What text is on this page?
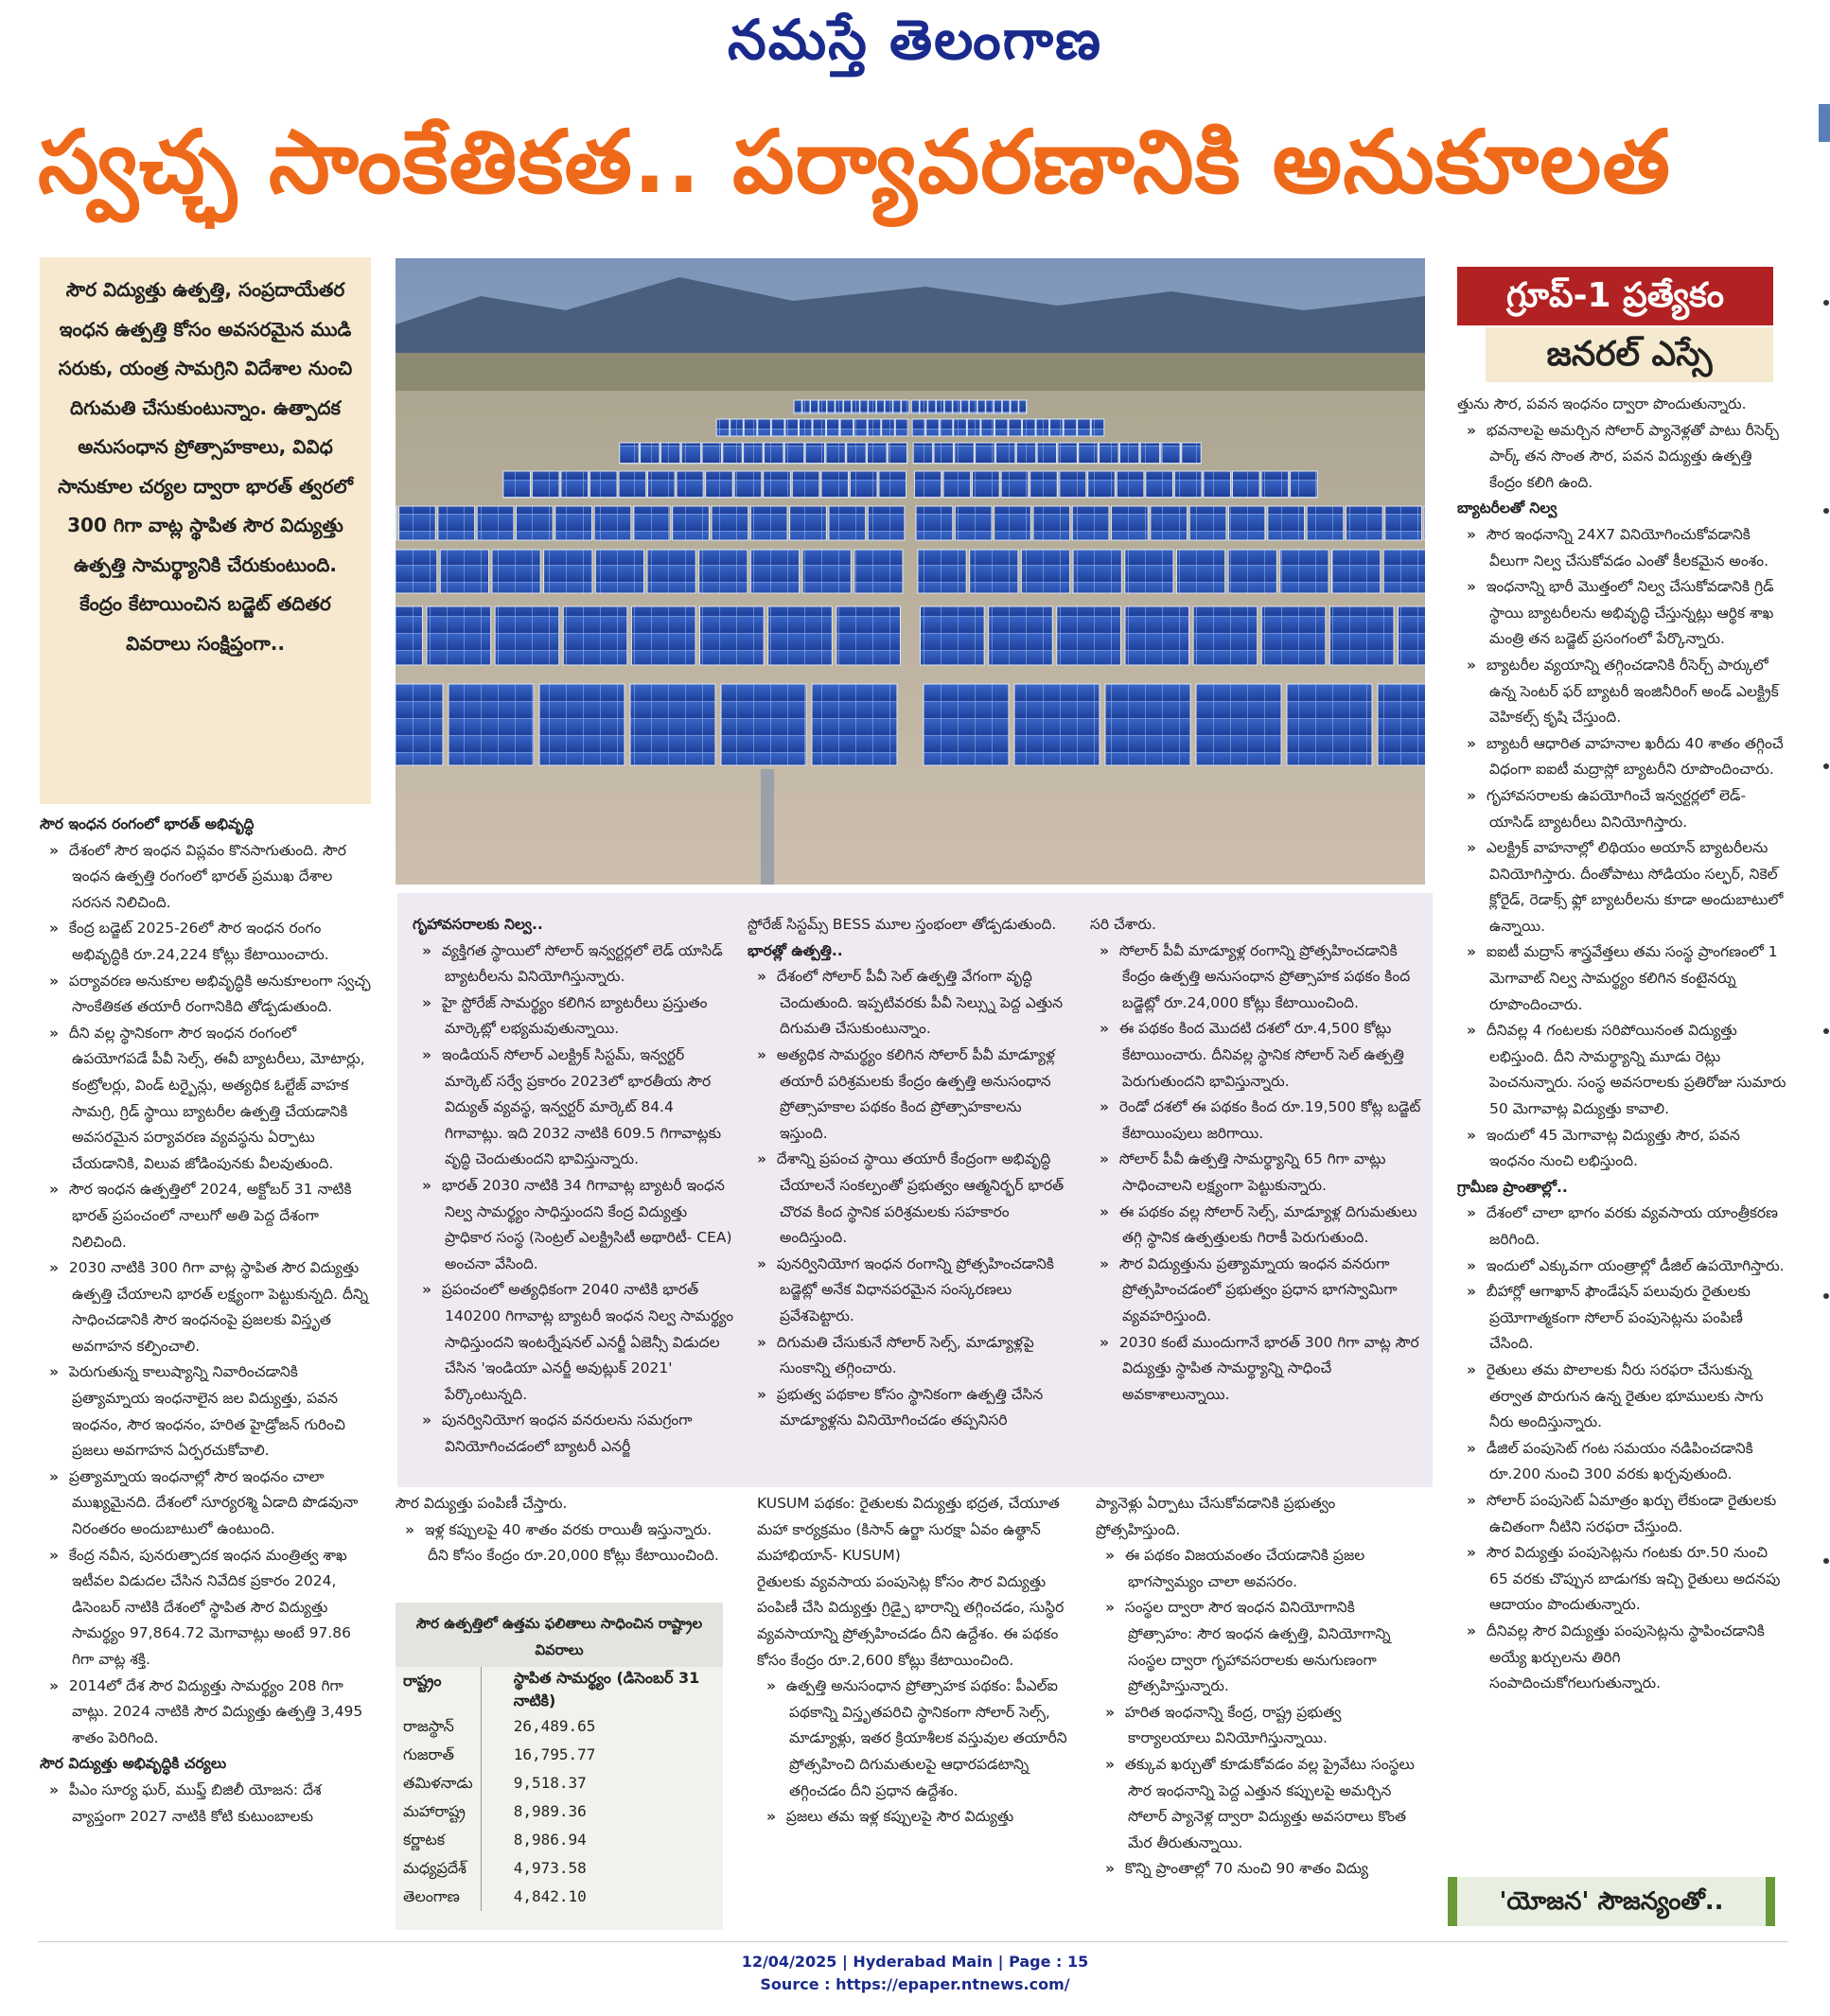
నమస్తే తెలంగాణ
స్వచ్ఛ సాంకేతికత.. పర్యావరణానికి అనుకూలత
సౌర విద్యుత్తు ఉత్పత్తి, సంప్రదాయేతర ఇంధన ఉత్పత్తి కోసం అవసరమైన ముడి సరుకు, యంత్ర సామగ్రిని విదేశాల నుంచి దిగుమతి చేసుకుంటున్నాం. ఉత్పాదక అనుసంధాన ప్రోత్సాహకాలు, వివిధ సానుకూల చర్యల ద్వారా భారత్ త్వరలో 300 గిగా వాట్ల స్థాపిత సౌర విద్యుత్తు ఉత్పత్తి సామర్థ్యానికి చేరుకుంటుంది. కేంద్రం కేటాయించిన బడ్జెట్ తదితర వివరాలు సంక్షిప్తంగా..

సౌర ఇంధన రంగంలో భారత్ అభివృద్ధి

»  దేశంలో సౌర ఇంధన విప్లవం కొనసాగుతుంది. సౌర ఇంధన ఉత్పత్తి రంగంలో భారత్ ప్రముఖ దేశాల సరసన నిలిచింది.

»  కేంద్ర బడ్జెట్ 2025-26లో సౌర ఇంధన రంగం అభివృద్ధికి రూ.24,224 కోట్లు కేటాయించారు.

»  పర్యావరణ అనుకూల అభివృద్ధికి అనుకూలంగా స్వచ్ఛ సాంకేతికత తయారీ రంగానికిది తోడ్పడుతుంది.

»  దీని వల్ల స్థానికంగా సౌర ఇంధన రంగంలో ఉపయోగపడే పీవీ సెల్స్, ఈవీ బ్యాటరీలు, మోటార్లు, కంట్రోలర్లు, విండ్ టర్బైన్లు, అత్యధిక ఓల్టేజ్ వాహక సామగ్రి, గ్రిడ్ స్థాయి బ్యాటరీల ఉత్పత్తి చేయడానికి అవసరమైన పర్యావరణ వ్యవస్థను ఏర్పాటు చేయడానికి, విలువ జోడింపునకు వీలవుతుంది.

»  సౌర ఇంధన ఉత్పత్తిలో 2024, అక్టోబర్ 31 నాటికి భారత్ ప్రపంచంలో నాలుగో అతి పెద్ద దేశంగా నిలిచింది.

»  2030 నాటికి 300 గిగా వాట్ల స్థాపిత సౌర విద్యుత్తు ఉత్పత్తి చేయాలని భారత్ లక్ష్యంగా పెట్టుకున్నది. దీన్ని సాధించడానికి సౌర ఇంధనంపై ప్రజలకు విస్తృత అవగాహన కల్పించాలి.

»  పెరుగుతున్న కాలుష్యాన్ని నివారించడానికి ప్రత్యామ్నాయ ఇంధనాలైన జల విద్యుత్తు, పవన ఇంధనం, సౌర ఇంధనం, హరిత హైడ్రోజన్ గురించి ప్రజలు అవగాహన ఏర్పరచుకోవాలి.

»  ప్రత్యామ్నాయ ఇంధనాల్లో సౌర ఇంధనం చాలా ముఖ్యమైనది. దేశంలో సూర్యరశ్మి ఏడాది పొడవునా నిరంతరం అందుబాటులో ఉంటుంది.

»  కేంద్ర నవీన, పునరుత్పాదక ఇంధన మంత్రిత్వ శాఖ ఇటీవల విడుదల చేసిన నివేదిక ప్రకారం 2024, డిసెంబర్ నాటికి దేశంలో స్థాపిత సౌర విద్యుత్తు సామర్థ్యం 97,864.72 మెగావాట్లు అంటే 97.86 గిగా వాట్ల శక్తి.

»  2014లో దేశ సౌర విద్యుత్తు సామర్థ్యం 208 గిగా వాట్లు. 2024 నాటికి సౌర విద్యుత్తు ఉత్పత్తి 3,495 శాతం పెరిగింది.

సౌర విద్యుత్తు అభివృద్ధికి చర్యలు

»  పీఎం సూర్య ఘర్, ముఫ్త్ బిజిలీ యోజన: దేశ వ్యాప్తంగా 2027 నాటికి కోటి కుటుంబాలకు

గృహావసరాలకు నిల్వ..

»  వ్యక్తిగత స్థాయిలో సోలార్ ఇన్వర్టర్లలో లెడ్ యాసిడ్ బ్యాటరీలను వినియోగిస్తున్నారు.

»  హై స్టోరేజ్ సామర్థ్యం కలిగిన బ్యాటరీలు ప్రస్తుతం మార్కెట్లో లభ్యమవుతున్నాయి.

»  ఇండియన్ సోలార్ ఎలక్ట్రిక్ సిస్టమ్, ఇన్వర్టర్ మార్కెట్ సర్వే ప్రకారం 2023లో భారతీయ సౌర విద్యుత్ వ్యవస్థ, ఇన్వర్టర్ మార్కెట్ 84.4 గిగావాట్లు. ఇది 2032 నాటికి 609.5 గిగావాట్లకు వృద్ధి చెందుతుందని భావిస్తున్నారు.

»  భారత్ 2030 నాటికి 34 గిగావాట్ల బ్యాటరీ ఇంధన నిల్వ సామర్థ్యం సాధిస్తుందని కేంద్ర విద్యుత్తు ప్రాధికార సంస్థ (సెంట్రల్ ఎలక్ట్రిసిటీ అథారిటీ- CEA) అంచనా వేసింది.

»  ప్రపంచంలో అత్యధికంగా 2040 నాటికి భారత్ 140200 గిగావాట్ల బ్యాటరీ ఇంధన నిల్వ సామర్థ్యం సాధిస్తుందని ఇంటర్నేషనల్ ఎనర్జీ ఏజెన్సీ విడుదల చేసిన 'ఇండియా ఎనర్జీ అవుట్లుక్ 2021' పేర్కొంటున్నది.

»  పునర్వినియోగ ఇంధన వనరులను సమగ్రంగా వినియోగించడంలో బ్యాటరీ ఎనర్జీ

స్టోరేజ్ సిస్టమ్స్ BESS మూల స్తంభంలా తోడ్పడుతుంది.

భారత్లో ఉత్పత్తి..

»  దేశంలో సోలార్ పీవీ సెల్ ఉత్పత్తి వేగంగా వృద్ధి చెందుతుంది. ఇప్పటివరకు పీవీ సెల్స్ను పెద్ద ఎత్తున దిగుమతి చేసుకుంటున్నాం.

»  అత్యధిక సామర్థ్యం కలిగిన సోలార్ పీవీ మాడ్యూళ్ల తయారీ పరిశ్రమలకు కేంద్రం ఉత్పత్తి అనుసంధాన ప్రోత్సాహకాల పథకం కింద ప్రోత్సాహకాలను ఇస్తుంది.

»  దేశాన్ని ప్రపంచ స్థాయి తయారీ కేంద్రంగా అభివృద్ధి చేయాలనే సంకల్పంతో ప్రభుత్వం ఆత్మనిర్భర్ భారత్ చొరవ కింద స్థానిక పరిశ్రమలకు సహకారం అందిస్తుంది.

»  పునర్వినియోగ ఇంధన రంగాన్ని ప్రోత్సహించడానికి బడ్జెట్లో అనేక విధానపరమైన సంస్కరణలు ప్రవేశపెట్టారు.

»  దిగుమతి చేసుకునే సోలార్ సెల్స్, మాడ్యూళ్లపై సుంకాన్ని తగ్గించారు.

»  ప్రభుత్వ పథకాల కోసం స్థానికంగా ఉత్పత్తి చేసిన మాడ్యూళ్లను వినియోగించడం తప్పనిసరి

సరి చేశారు.

»  సోలార్ పీవీ మాడ్యూళ్ల రంగాన్ని ప్రోత్సహించడానికి కేంద్రం ఉత్పత్తి అనుసంధాన ప్రోత్సాహక పథకం కింద బడ్జెట్లో రూ.24,000 కోట్లు కేటాయించింది.

»  ఈ పథకం కింద మొదటి దశలో రూ.4,500 కోట్లు కేటాయించారు. దీనివల్ల స్థానిక సోలార్ సెల్ ఉత్పత్తి పెరుగుతుందని భావిస్తున్నారు.

»  రెండో దశలో ఈ పథకం కింద రూ.19,500 కోట్ల బడ్జెట్ కేటాయింపులు జరిగాయి.

»  సోలార్ పీవీ ఉత్పత్తి సామర్థ్యాన్ని 65 గిగా వాట్లు సాధించాలని లక్ష్యంగా పెట్టుకున్నారు.

»  ఈ పథకం వల్ల సోలార్ సెల్స్, మాడ్యూళ్ల దిగుమతులు తగ్గి స్థానిక ఉత్పత్తులకు గిరాకీ పెరుగుతుంది.

»  సౌర విద్యుత్తును ప్రత్యామ్నాయ ఇంధన వనరుగా ప్రోత్సహించడంలో ప్రభుత్వం ప్రధాన భాగస్వామిగా వ్యవహరిస్తుంది.

»  2030 కంటే ముందుగానే భారత్ 300 గిగా వాట్ల సౌర విద్యుత్తు స్థాపిత సామర్థ్యాన్ని సాధించే అవకాశాలున్నాయి.

సౌర విద్యుత్తు పంపిణీ చేస్తారు.

»  ఇళ్ల కప్పులపై 40 శాతం వరకు రాయితీ ఇస్తున్నారు. దీని కోసం కేంద్రం రూ.20,000 కోట్లు కేటాయించింది.

సౌర ఉత్పత్తిలో ఉత్తమ ఫలితాలు సాధించిన రాష్ట్రాల వివరాలు
రాష్ట్రం	స్థాపిత సామర్థ్యం (డిసెంబర్ 31 నాటికి)
రాజస్థాన్	26,489.65
గుజరాత్	16,795.77
తమిళనాడు	9,518.37
మహారాష్ట్ర	8,989.36
కర్ణాటక	8,986.94
మధ్యప్రదేశ్	4,973.58
తెలంగాణ	4,842.10

KUSUM పథకం: రైతులకు విద్యుత్తు భద్రత, చేయూత మహా కార్యక్రమం (కిసాన్ ఉర్జా సురక్షా ఏవం ఉత్థాన్ మహాభియాన్- KUSUM)

రైతులకు వ్యవసాయ పంపుసెట్ల కోసం సౌర విద్యుత్తు పంపిణీ చేసి విద్యుత్తు గ్రిడ్పై భారాన్ని తగ్గించడం, సుస్థిర వ్యవసాయాన్ని ప్రోత్సహించడం దీని ఉద్దేశం. ఈ పథకం కోసం కేంద్రం రూ.2,600 కోట్లు కేటాయించింది.

»  ఉత్పత్తి అనుసంధాన ప్రోత్సాహక పథకం: పీఎల్ఐ పథకాన్ని విస్తృతపరిచి స్థానికంగా సోలార్ సెల్స్, మాడ్యూళ్లు, ఇతర క్రియాశీలక వస్తువుల తయారీని ప్రోత్సహించి దిగుమతులపై ఆధారపడటాన్ని తగ్గించడం దీని ప్రధాన ఉద్దేశం.

»  ప్రజలు తమ ఇళ్ల కప్పులపై సౌర విద్యుత్తు

ప్యానెళ్లు ఏర్పాటు చేసుకోవడానికి ప్రభుత్వం ప్రోత్సహిస్తుంది.

»  ఈ పథకం విజయవంతం చేయడానికి ప్రజల భాగస్వామ్యం చాలా అవసరం.

»  సంస్థల ద్వారా సౌర ఇంధన వినియోగానికి ప్రోత్సాహం: సౌర ఇంధన ఉత్పత్తి, వినియోగాన్ని సంస్థల ద్వారా గృహావసరాలకు అనుగుణంగా ప్రోత్సహిస్తున్నారు.

»  హరిత ఇంధనాన్ని కేంద్ర, రాష్ట్ర ప్రభుత్వ కార్యాలయాలు వినియోగిస్తున్నాయి.

»  తక్కువ ఖర్చుతో కూడుకోవడం వల్ల ప్రైవేటు సంస్థలు సౌర ఇంధనాన్ని పెద్ద ఎత్తున కప్పులపై అమర్చిన సోలార్ ప్యానెళ్ల ద్వారా విద్యుత్తు అవసరాలు కొంత మేర తీరుతున్నాయి.

»  కొన్ని ప్రాంతాల్లో 70 నుంచి 90 శాతం విద్యు

గ్రూప్-1 ప్రత్యేకం
జనరల్ ఎస్సే

త్తును సౌర, పవన ఇంధనం ద్వారా పొందుతున్నారు.

»  భవనాలపై అమర్చిన సోలార్ ప్యానెళ్లతో పాటు రీసెర్చ్ పార్క్ తన సొంత సౌర, పవన విద్యుత్తు ఉత్పత్తి కేంద్రం కలిగి ఉంది.

బ్యాటరీలతో నిల్వ

»  సౌర ఇంధనాన్ని 24X7 వినియోగించుకోవడానికి వీలుగా నిల్వ చేసుకోవడం ఎంతో కీలకమైన అంశం.

»  ఇంధనాన్ని భారీ మొత్తంలో నిల్వ చేసుకోవడానికి గ్రిడ్ స్థాయి బ్యాటరీలను అభివృద్ధి చేస్తున్నట్లు ఆర్థిక శాఖ మంత్రి తన బడ్జెట్ ప్రసంగంలో పేర్కొన్నారు.

»  బ్యాటరీల వ్యయాన్ని తగ్గించడానికి రీసెర్చ్ పార్కులో ఉన్న సెంటర్ ఫర్ బ్యాటరీ ఇంజినీరింగ్ అండ్ ఎలక్ట్రిక్ వెహికల్స్ కృషి చేస్తుంది.

»  బ్యాటరీ ఆధారిత వాహనాల ఖరీదు 40 శాతం తగ్గించే విధంగా ఐఐటీ మద్రాస్లో బ్యాటరీని రూపొందించారు.

»  గృహావసరాలకు ఉపయోగించే ఇన్వర్టర్లలో లెడ్-యాసిడ్ బ్యాటరీలు వినియోగిస్తారు.

»  ఎలక్ట్రిక్ వాహనాల్లో లిథియం అయాన్ బ్యాటరీలను వినియోగిస్తారు. దీంతోపాటు సోడియం సల్ఫర్, నికెల్ క్లోరైడ్, రెడాక్స్ ఫ్లో బ్యాటరీలను కూడా అందుబాటులో ఉన్నాయి.

»  ఐఐటీ మద్రాస్ శాస్త్రవేత్తలు తమ సంస్థ ప్రాంగణంలో 1 మెగావాట్ నిల్వ సామర్థ్యం కలిగిన కంటైనర్ను రూపొందించారు.

»  దీనివల్ల 4 గంటలకు సరిపోయినంత విద్యుత్తు లభిస్తుంది. దీని సామర్థ్యాన్ని మూడు రెట్లు పెంచనున్నారు. సంస్థ అవసరాలకు ప్రతిరోజు సుమారు 50 మెగావాట్ల విద్యుత్తు కావాలి.

»  ఇందులో 45 మెగావాట్ల విద్యుత్తు సౌర, పవన ఇంధనం నుంచి లభిస్తుంది.

గ్రామీణ ప్రాంతాల్లో..

»  దేశంలో చాలా భాగం వరకు వ్యవసాయ యాంత్రీకరణ జరిగింది.

»  ఇందులో ఎక్కువగా యంత్రాల్లో డీజిల్ ఉపయోగిస్తారు.

»  బీహార్లో ఆగాఖాన్ ఫౌండేషన్ పలువురు రైతులకు ప్రయోగాత్మకంగా సోలార్ పంపుసెట్లను పంపిణీ చేసింది.

»  రైతులు తమ పొలాలకు నీరు సరఫరా చేసుకున్న తర్వాత పొరుగున ఉన్న రైతుల భూములకు సాగు నీరు అందిస్తున్నారు.

»  డీజిల్ పంపుసెట్ గంట సమయం నడిపించడానికి రూ.200 నుంచి 300 వరకు ఖర్చవుతుంది.

»  సోలార్ పంపుసెట్ ఏమాత్రం ఖర్చు లేకుండా రైతులకు ఉచితంగా నీటిని సరఫరా చేస్తుంది.

»  సౌర విద్యుత్తు పంపుసెట్లను గంటకు రూ.50 నుంచి 65 వరకు చొప్పున బాడుగకు ఇచ్చి రైతులు అదనపు ఆదాయం పొందుతున్నారు.

»  దీనివల్ల సౌర విద్యుత్తు పంపుసెట్లను స్థాపించడానికి అయ్యే ఖర్చులను తిరిగి సంపాదించుకోగలుగుతున్నారు.

'యోజన' సౌజన్యంతో..
12/04/2025 | Hyderabad Main | Page : 15
Source : https://epaper.ntnews.com/
